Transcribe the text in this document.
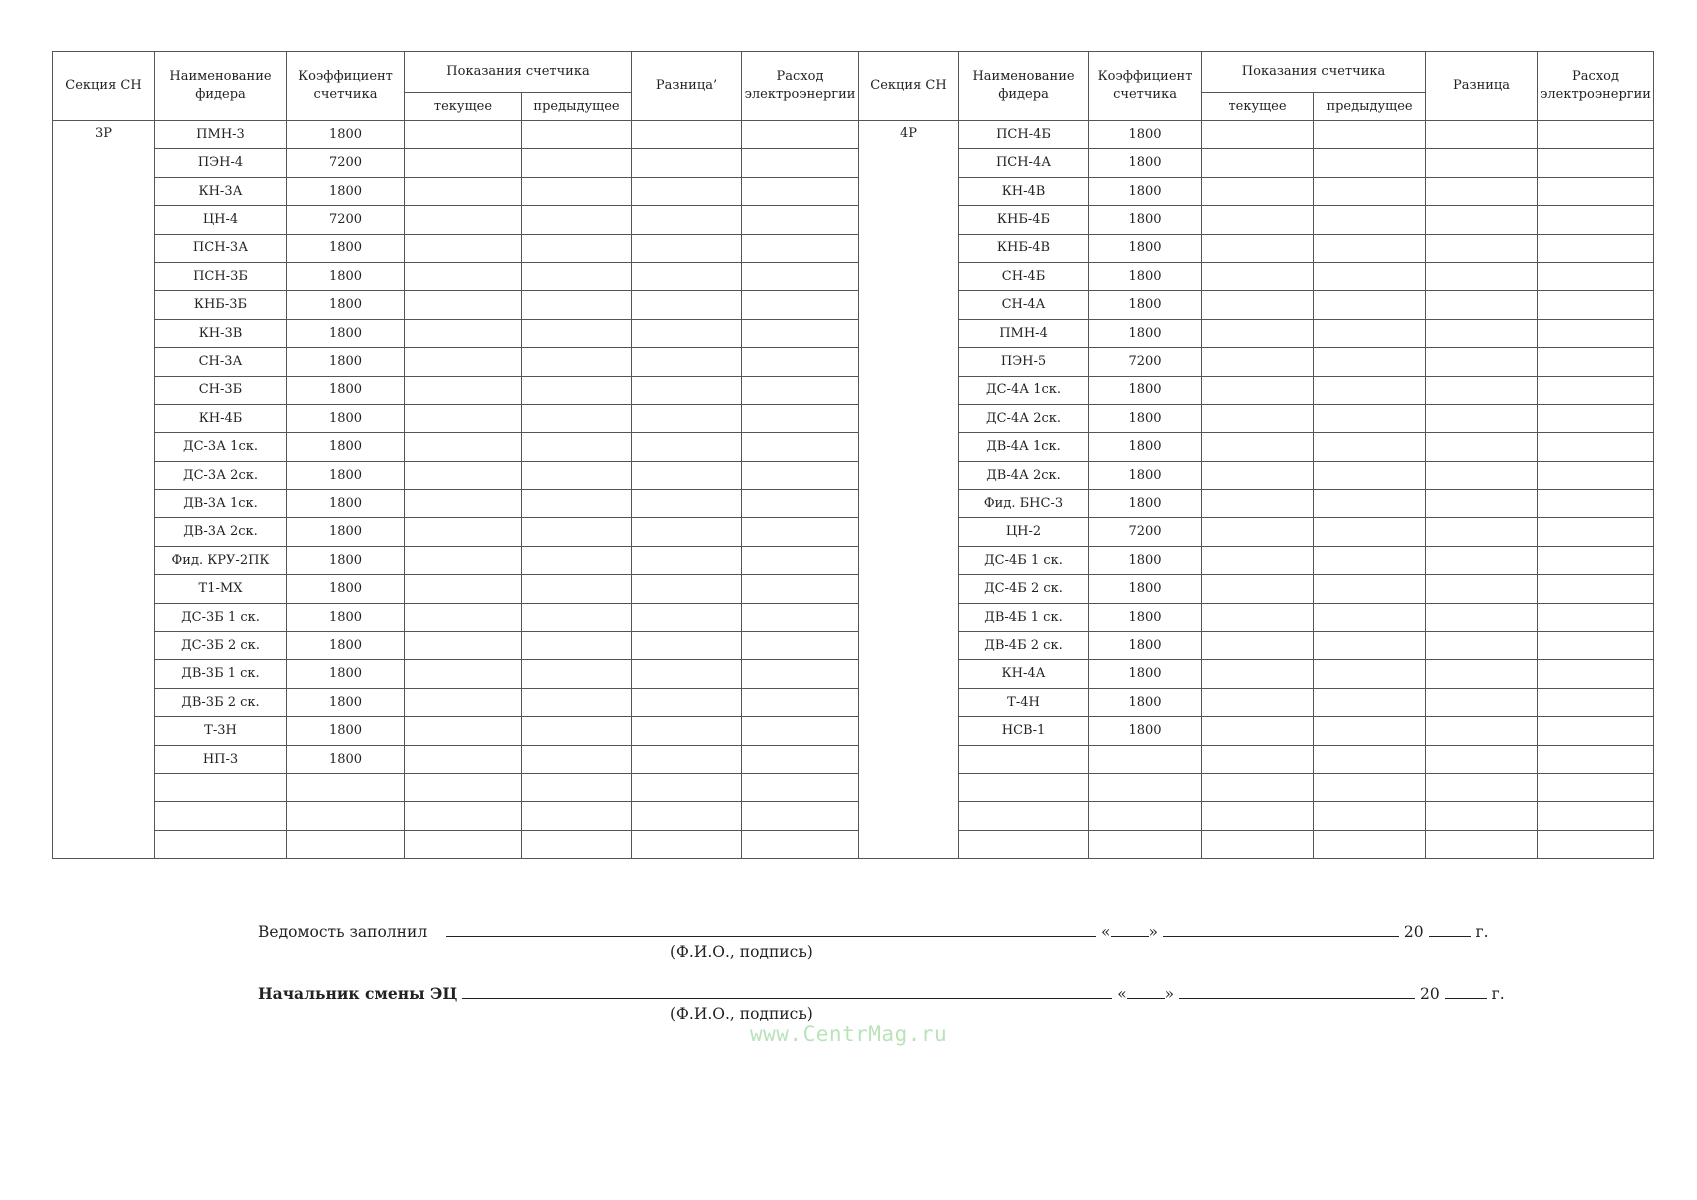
Секция СН	Наименование фидера	Коэффициент счетчика	Показания счетчика		Разница’	Расход электроэнергии	Секция СН	Наименование фидера	Коэффициент счетчика	Показания счетчика		Разница	Расход электроэнергии
			текущее	предыдущее						текущее	предыдущее		
3Р	ПМН-3	1800					4Р	ПСН-4Б	1800				
	ПЭН-4	7200						ПСН-4А	1800				
	КН-3А	1800						КН-4В	1800				
	ЦН-4	7200						КНБ-4Б	1800				
	ПСН-3А	1800						КНБ-4В	1800				
	ПСН-3Б	1800						СН-4Б	1800				
	КНБ-3Б	1800						СН-4А	1800				
	КН-3В	1800						ПМН-4	1800				
	СН-3А	1800						ПЭН-5	7200				
	СН-3Б	1800						ДС-4А 1ск.	1800				
	КН-4Б	1800						ДС-4А 2ск.	1800				
	ДС-3А 1ск.	1800						ДВ-4А 1ск.	1800				
	ДС-3А 2ск.	1800						ДВ-4А 2ск.	1800				
	ДВ-3А 1ск.	1800						Фид. БНС-3	1800				
	ДВ-3А 2ск.	1800						ЦН-2	7200				
	Фид. КРУ-2ПК	1800						ДС-4Б 1 ск.	1800				
	Т1-МХ	1800						ДС-4Б 2 ск.	1800				
	ДС-3Б 1 ск.	1800						ДВ-4Б 1 ск.	1800				
	ДС-3Б 2 ск.	1800						ДВ-4Б 2 ск.	1800				
	ДВ-3Б 1 ск.	1800						КН-4А	1800				
	ДВ-3Б 2 ск.	1800						Т-4Н	1800				
	Т-3Н	1800						НСВ-1	1800				
	НП-3	1800											

Ведомость заполнил	« »	20	г.
(Ф.И.О., подпись)
Начальник смены ЭЦ	« »	20	г.
(Ф.И.О., подпись)
www.CentrMag.ru
